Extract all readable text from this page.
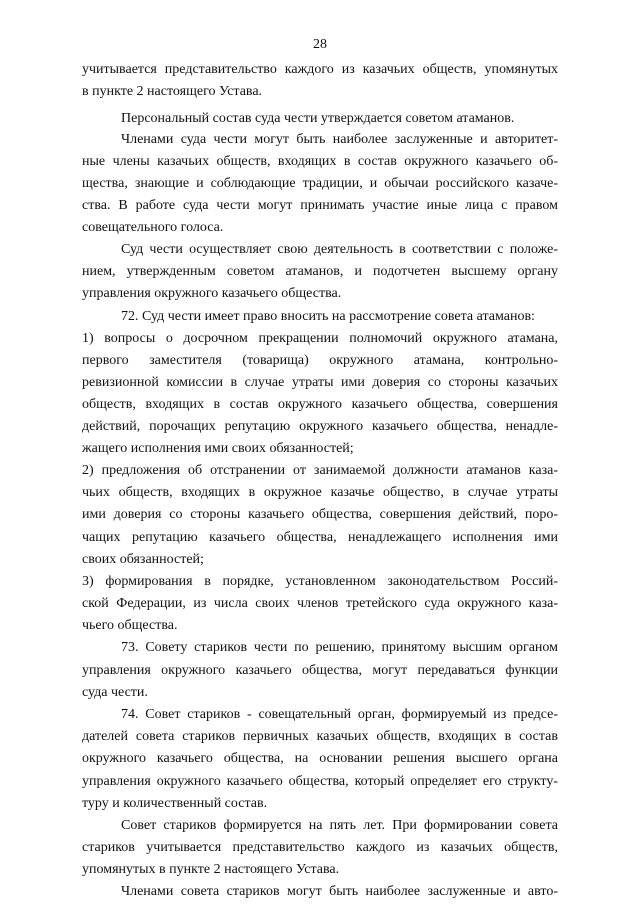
28
учитывается представительство каждого из казачьих обществ, упомянутых
в пункте 2 настоящего Устава.
Персональный состав суда чести утверждается советом атаманов.
Членами суда чести могут быть наиболее заслуженные и авторитет-
ные члены казачьих обществ, входящих в состав окружного казачьего об-
щества, знающие и соблюдающие традиции, и обычаи российского казаче-
ства. В работе суда чести могут принимать участие иные лица с правом
совещательного голоса.
Суд чести осуществляет свою деятельность в соответствии с положе-
нием, утвержденным советом атаманов, и подотчетен высшему органу
управления окружного казачьего общества.
72. Суд чести имеет право вносить на рассмотрение совета атаманов:
1) вопросы о досрочном прекращении полномочий окружного атамана,
первого заместителя (товарища) окружного атамана, контрольно-
ревизионной комиссии в случае утраты ими доверия со стороны казачьих
обществ, входящих в состав окружного казачьего общества, совершения
действий, порочащих репутацию окружного казачьего общества, ненадле-
жащего исполнения ими своих обязанностей;
2) предложения об отстранении от занимаемой должности атаманов каза-
чьих обществ, входящих в окружное казачье общество, в случае утраты
ими доверия со стороны казачьего общества, совершения действий, поро-
чащих репутацию казачьего общества, ненадлежащего исполнения ими
своих обязанностей;
3) формирования в порядке, установленном законодательством Россий-
ской Федерации, из числа своих членов третейского суда окружного каза-
чьего общества.
73. Совету стариков чести по решению, принятому высшим органом
управления окружного казачьего общества, могут передаваться функции
суда чести.
74. Совет стариков - совещательный орган, формируемый из предсе-
дателей совета стариков первичных казачьих обществ, входящих в состав
окружного казачьего общества, на основании решения высшего органа
управления окружного казачьего общества, который определяет его структу-
туру и количественный состав.
Совет стариков формируется на пять лет. При формировании совета
стариков учитывается представительство каждого из казачьих обществ,
упомянутых в пункте 2 настоящего Устава.
Членами совета стариков могут быть наиболее заслуженные и авто-
